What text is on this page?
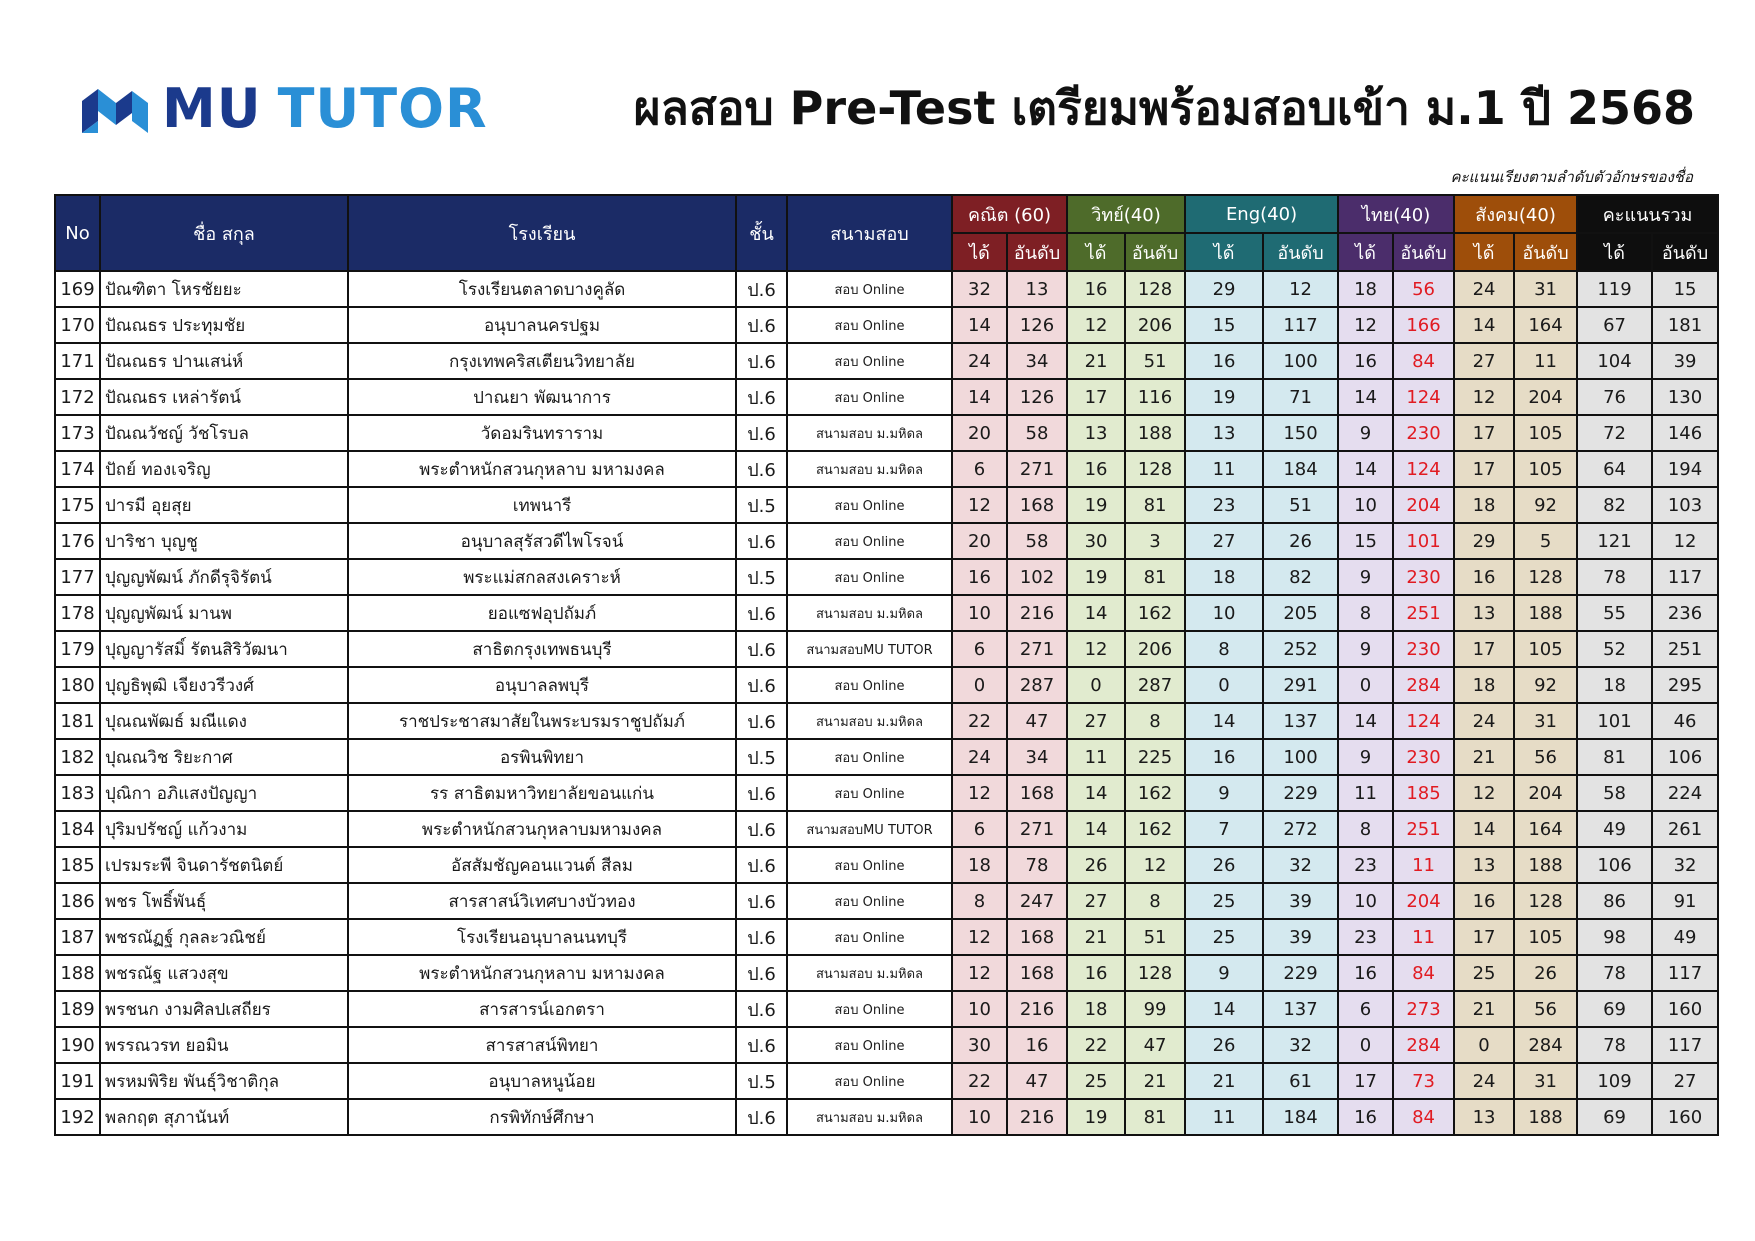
MU TUTOR	ผลสอบ Pre-Test เตรียมพร้อมสอบเข้า ม.1 ปี 2568
คะแนนเรียงตามลำดับตัวอักษรของชื่อ
No	ชื่อ สกุล	โรงเรียน	ชั้น	สนามสอบ	คณิต (60)		วิทย์(40)		Eng(40)		ไทย(40)		สังคม(40)		คะแนนรวม	
					ได้	อันดับ	ได้	อันดับ	ได้	อันดับ	ได้	อันดับ	ได้	อันดับ	ได้	อันดับ
169	ปัณฑิตา โหรชัยยะ	โรงเรียนตลาดบางคูลัด	ป.6	สอบ Online	32	13	16	128	29	12	18	56	24	31	119	15
170	ปัณณธร ประทุมชัย	อนุบาลนครปฐม	ป.6	สอบ Online	14	126	12	206	15	117	12	166	14	164	67	181
171	ปัณณธร ปานเสน่ห์	กรุงเทพคริสเตียนวิทยาลัย	ป.6	สอบ Online	24	34	21	51	16	100	16	84	27	11	104	39
172	ปัณณธร เหล่ารัตน์	ปาณยา พัฒนาการ	ป.6	สอบ Online	14	126	17	116	19	71	14	124	12	204	76	130
173	ปัณณวัชญ์ วัชโรบล	วัดอมรินทราราม	ป.6	สนามสอบ ม.มหิดล	20	58	13	188	13	150	9	230	17	105	72	146
174	ปัถย์ ทองเจริญ	พระตำหนักสวนกุหลาบ มหามงคล	ป.6	สนามสอบ ม.มหิดล	6	271	16	128	11	184	14	124	17	105	64	194
175	ปารมี อุยสุย	เทพนารี	ป.5	สอบ Online	12	168	19	81	23	51	10	204	18	92	82	103
176	ปาริชา บุญชู	อนุบาลสุรัสวดีไพโรจน์	ป.6	สอบ Online	20	58	30	3	27	26	15	101	29	5	121	12
177	ปุญญพัฒน์ ภักดีรุจิรัตน์	พระแม่สกลสงเคราะห์	ป.5	สอบ Online	16	102	19	81	18	82	9	230	16	128	78	117
178	ปุญญพัฒน์ มานพ	ยอแซฟอุปถัมภ์	ป.6	สนามสอบ ม.มหิดล	10	216	14	162	10	205	8	251	13	188	55	236
179	ปุญญารัสมิ์ รัตนสิริวัฒนา	สาธิตกรุงเทพธนบุรี	ป.6	สนามสอบMU TUTOR	6	271	12	206	8	252	9	230	17	105	52	251
180	ปุญธิพุฒิ เจียงวรีวงศ์	อนุบาลลพบุรี	ป.6	สอบ Online	0	287	0	287	0	291	0	284	18	92	18	295
181	ปุณณพัฒธ์ มณีแดง	ราชประชาสมาสัยในพระบรมราชูปถัมภ์	ป.6	สนามสอบ ม.มหิดล	22	47	27	8	14	137	14	124	24	31	101	46
182	ปุณณวิช ริยะกาศ	อรพินพิทยา	ป.5	สอบ Online	24	34	11	225	16	100	9	230	21	56	81	106
183	ปุณิกา อภิแสงปัญญา	รร สาธิตมหาวิทยาลัยขอนแก่น	ป.6	สอบ Online	12	168	14	162	9	229	11	185	12	204	58	224
184	ปุริมปรัชญ์ แก้วงาม	พระตำหนักสวนกุหลาบมหามงคล	ป.6	สนามสอบMU TUTOR	6	271	14	162	7	272	8	251	14	164	49	261
185	เปรมระพี จินดารัชตนิตย์	อัสสัมชัญคอนแวนต์ สีลม	ป.6	สอบ Online	18	78	26	12	26	32	23	11	13	188	106	32
186	พชร โพธิ์พันธุ์	สารสาสน์วิเทศบางบัวทอง	ป.6	สอบ Online	8	247	27	8	25	39	10	204	16	128	86	91
187	พชรณัฏฐ์ กุลละวณิชย์	โรงเรียนอนุบาลนนทบุรี	ป.6	สอบ Online	12	168	21	51	25	39	23	11	17	105	98	49
188	พชรณัฐ แสวงสุข	พระตำหนักสวนกุหลาบ มหามงคล	ป.6	สนามสอบ ม.มหิดล	12	168	16	128	9	229	16	84	25	26	78	117
189	พรชนก งามศิลปเสถียร	สารสารน์เอกตรา	ป.6	สอบ Online	10	216	18	99	14	137	6	273	21	56	69	160
190	พรรณวรท ยอมิน	สารสาสน์พิทยา	ป.6	สอบ Online	30	16	22	47	26	32	0	284	0	284	78	117
191	พรหมพิริย พันธุ์วิชาติกุล	อนุบาลหนูน้อย	ป.5	สอบ Online	22	47	25	21	21	61	17	73	24	31	109	27
192	พลกฤต สุภานันท์	กรพิทักษ์ศึกษา	ป.6	สนามสอบ ม.มหิดล	10	216	19	81	11	184	16	84	13	188	69	160
